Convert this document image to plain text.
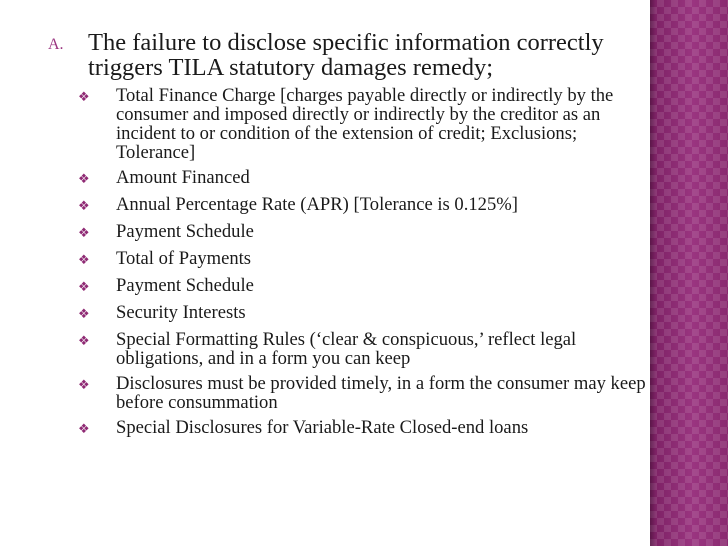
A. The failure to disclose specific information correctly triggers TILA statutory damages remedy;
❖	Total Finance Charge [charges payable directly or indirectly by the consumer and imposed directly or indirectly by the creditor as an incident to or condition of the extension of credit; Exclusions; Tolerance]
❖	Amount Financed
❖	Annual Percentage Rate (APR) [Tolerance is 0.125%]
❖	Payment Schedule
❖	Total of Payments
❖	Payment Schedule
❖	Security Interests
❖	Special Formatting Rules (‘clear & conspicuous,’ reflect legal obligations, and in a form you can keep
❖	Disclosures must be provided timely, in a form the consumer may keep before consummation
❖	Special Disclosures for Variable-Rate Closed-end loans
